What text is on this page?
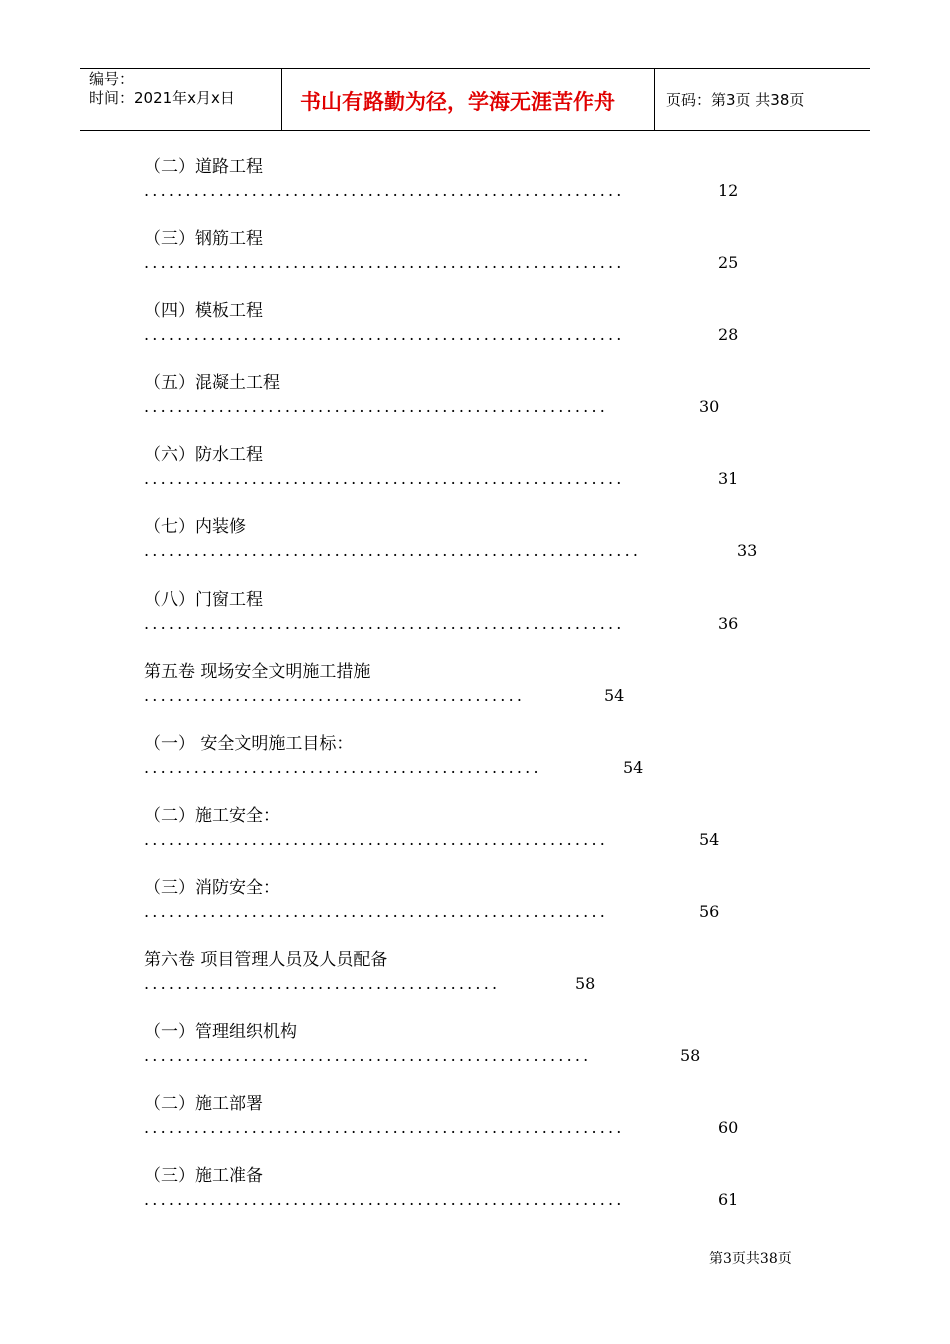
编号：
时间：2021年x月x日	书山有路勤为径，学海无涯苦作舟	页码：第3页 共38页
（二）道路工程
..........................................................	12
（三）钢筋工程
..........................................................	25
（四）模板工程
..........................................................	28
（五）混凝土工程
........................................................	30
（六）防水工程
..........................................................	31
（七）内装修
............................................................	33
（八）门窗工程
..........................................................	36
第五卷 现场安全文明施工措施
..............................................	54
（一） 安全文明施工目标：
................................................	54
（二）施工安全：
........................................................	54
（三）消防安全：
........................................................	56
第六卷 项目管理人员及人员配备
...........................................	58
（一）管理组织机构
......................................................	58
（二）施工部署
..........................................................	60
（三）施工准备
..........................................................	61
第3页共38页
